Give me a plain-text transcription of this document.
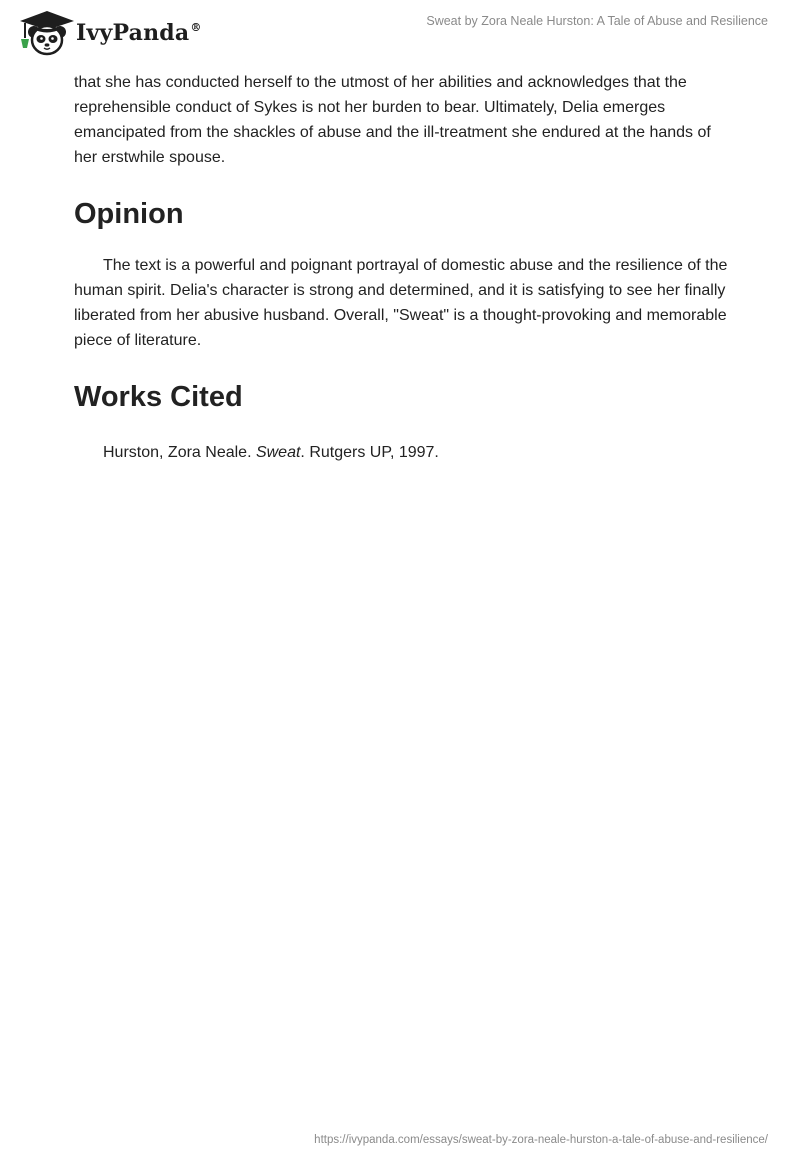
IvyPanda®	Sweat by Zora Neale Hurston: A Tale of Abuse and Resilience

that she has conducted herself to the utmost of her abilities and acknowledges that the reprehensible conduct of Sykes is not her burden to bear. Ultimately, Delia emerges emancipated from the shackles of abuse and the ill-treatment she endured at the hands of her erstwhile spouse.

Opinion

The text is a powerful and poignant portrayal of domestic abuse and the resilience of the human spirit. Delia's character is strong and determined, and it is satisfying to see her finally liberated from her abusive husband. Overall, "Sweat" is a thought-provoking and memorable piece of literature.

Works Cited
Hurston, Zora Neale. Sweat. Rutgers UP, 1997.
https://ivypanda.com/essays/sweat-by-zora-neale-hurston-a-tale-of-abuse-and-resilience/
